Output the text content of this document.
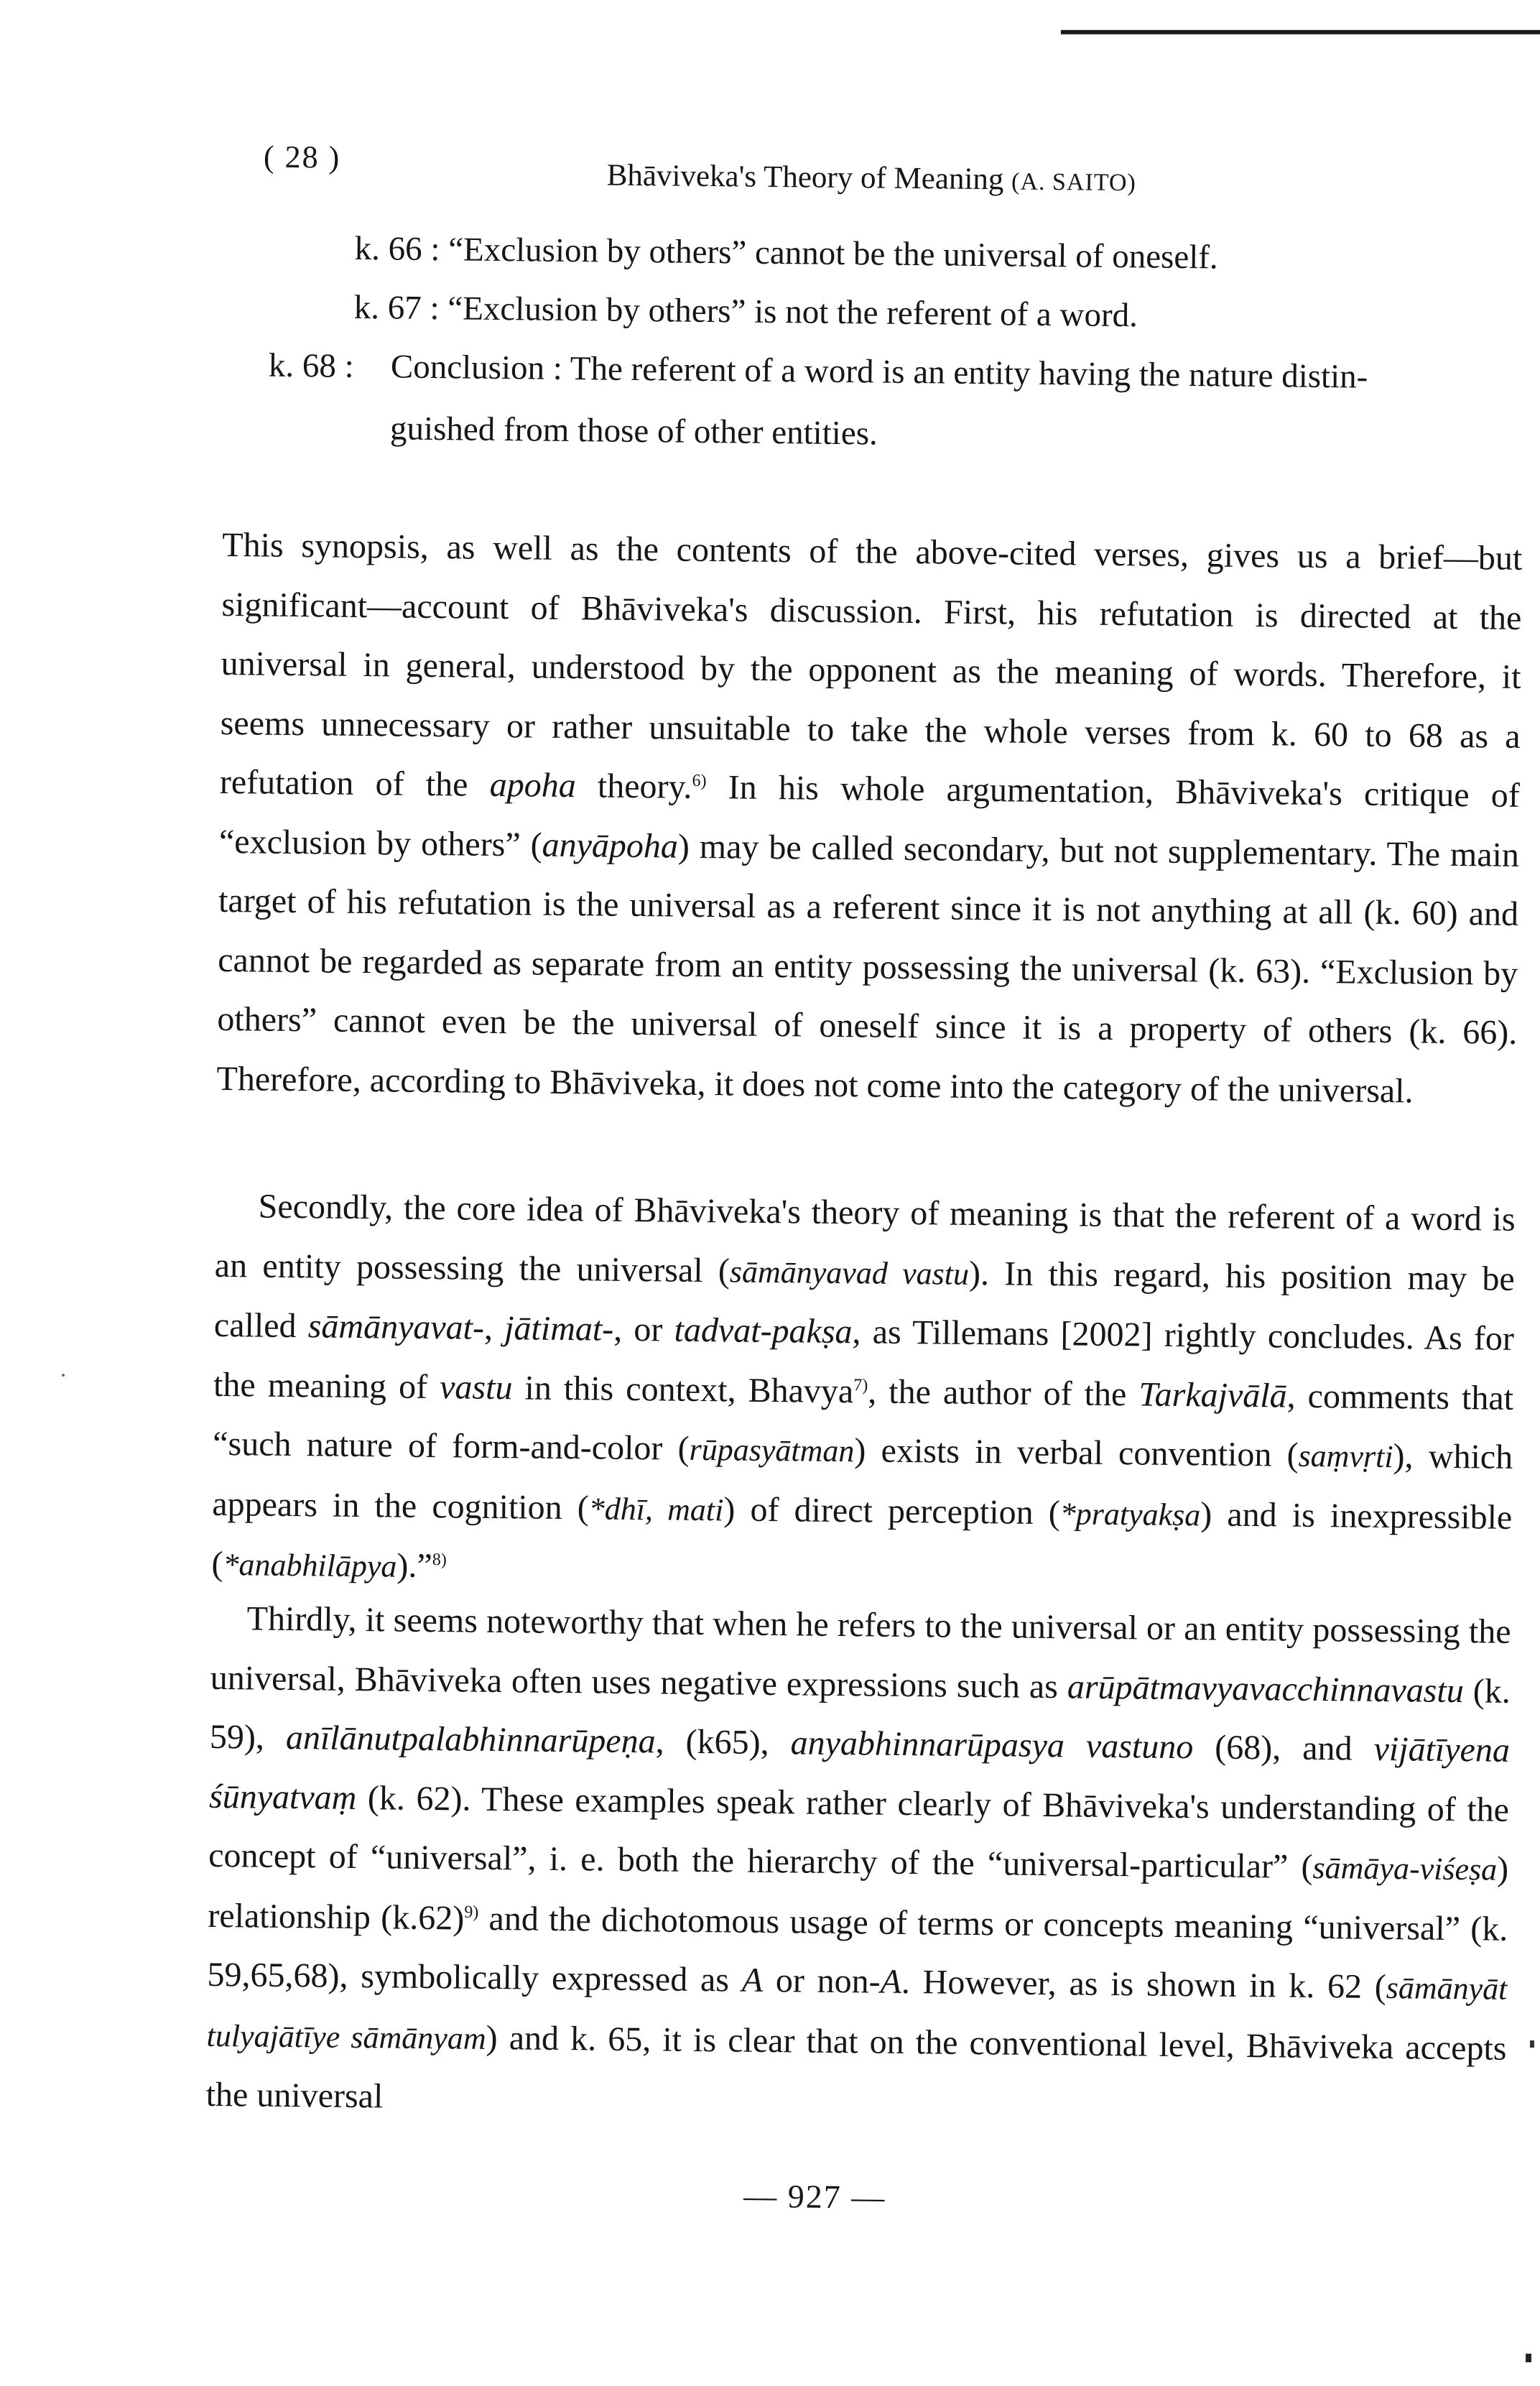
( 28 )
Bhāviveka's Theory of Meaning (A. SAITO)
k. 66 : “Exclusion by others” cannot be the universal of oneself.
k. 67 : “Exclusion by others” is not the referent of a word.
k. 68 : Conclusion : The referent of a word is an entity having the nature distin-
guished from those of other entities.

This synopsis, as well as the contents of the above-cited verses, gives us a brief—but significant—account of Bhāviveka's discussion. First, his refutation is directed at the universal in general, understood by the opponent as the meaning of words. Therefore, it seems unnecessary or rather unsuitable to take the whole verses from k. 60 to 68 as a refutation of the apoha theory.$^{6)}$ In his whole argumentation, Bhāviveka's critique of “exclusion by others” (anyāpoha) may be called secondary, but not supplementary. The main target of his refutation is the universal as a referent since it is not anything at all (k. 60) and cannot be regarded as separate from an entity possessing the universal (k. 63). “Exclusion by others” cannot even be the universal of oneself since it is a property of others (k. 66). Therefore, according to Bhāviveka, it does not come into the category of the universal.

Secondly, the core idea of Bhāviveka's theory of meaning is that the referent of a word is an entity possessing the universal (sāmānyavad vastu). In this regard, his position may be called sāmānyavat-, jātimat-, or tadvat-pakṣa, as Tillemans [2002] rightly concludes. As for the meaning of vastu in this context, Bhavya$^{7)}$, the author of the Tarkajvālā, comments that “such nature of form-and-color (rūpasyātman) exists in verbal convention (saṃvṛti), which appears in the cognition (*dhī, mati) of direct perception (*pratyakṣa) and is inexpressible (*anabhilāpya).”$^{8)}$

Thirdly, it seems noteworthy that when he refers to the universal or an entity possessing the universal, Bhāviveka often uses negative expressions such as arūpātmavyavacchinnavastu (k. 59), anīlānutpalabhinnarūpeṇa, (k65), anyabhinnarūpasya vastuno (68), and vijātīyena śūnyatvaṃ (k. 62). These examples speak rather clearly of Bhāviveka's understanding of the concept of “universal”, i. e. both the hierarchy of the “universal-particular” (sāmāya-viśeṣa) relationship $(k.62)^{9)}$ and the dichotomous usage of terms or concepts meaning “universal” (k. 59,65,68), symbolically expressed as A or non-A. However, as is shown in k. 62 (sāmānyāt tulyajātīye sāmānyam) and k. 65, it is clear that on the conventional level, Bhāviveka accepts the universal

— 927 —
